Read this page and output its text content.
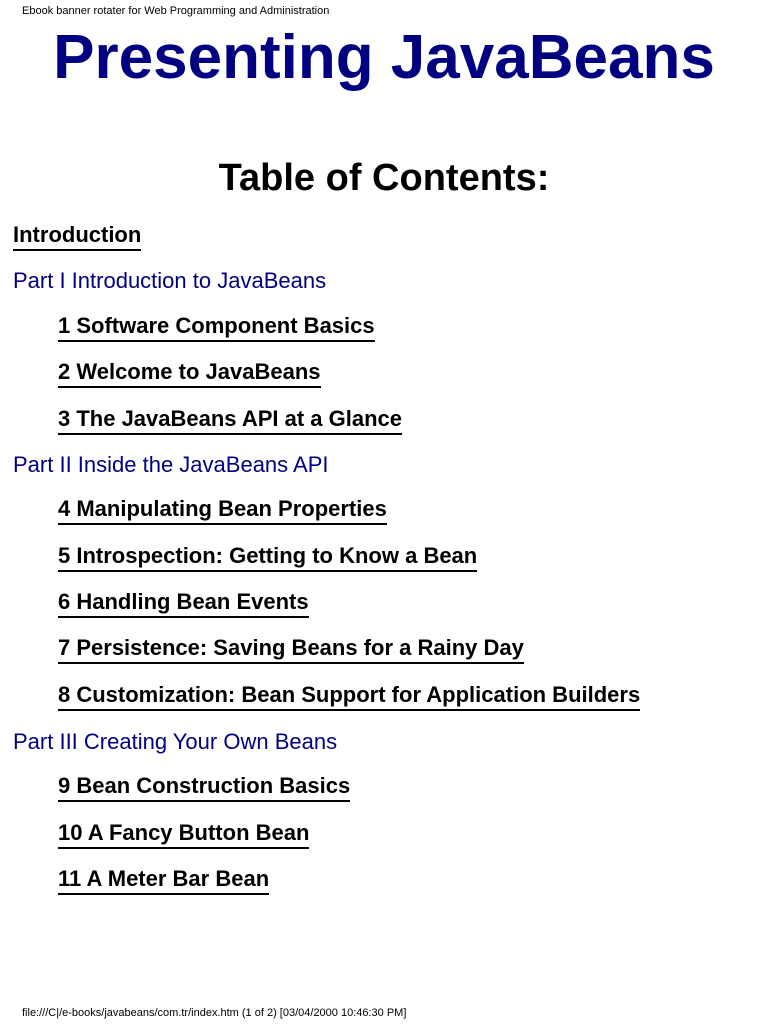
Ebook banner rotater for Web Programming and Administration
Presenting JavaBeans
Table of Contents:
Introduction
Part I Introduction to JavaBeans
1 Software Component Basics
2 Welcome to JavaBeans
3 The JavaBeans API at a Glance
Part II Inside the JavaBeans API
4 Manipulating Bean Properties
5 Introspection: Getting to Know a Bean
6 Handling Bean Events
7 Persistence: Saving Beans for a Rainy Day
8 Customization: Bean Support for Application Builders
Part III Creating Your Own Beans
9 Bean Construction Basics
10 A Fancy Button Bean
11 A Meter Bar Bean
file:///C|/e-books/javabeans/com.tr/index.htm (1 of 2) [03/04/2000 10:46:30 PM]
